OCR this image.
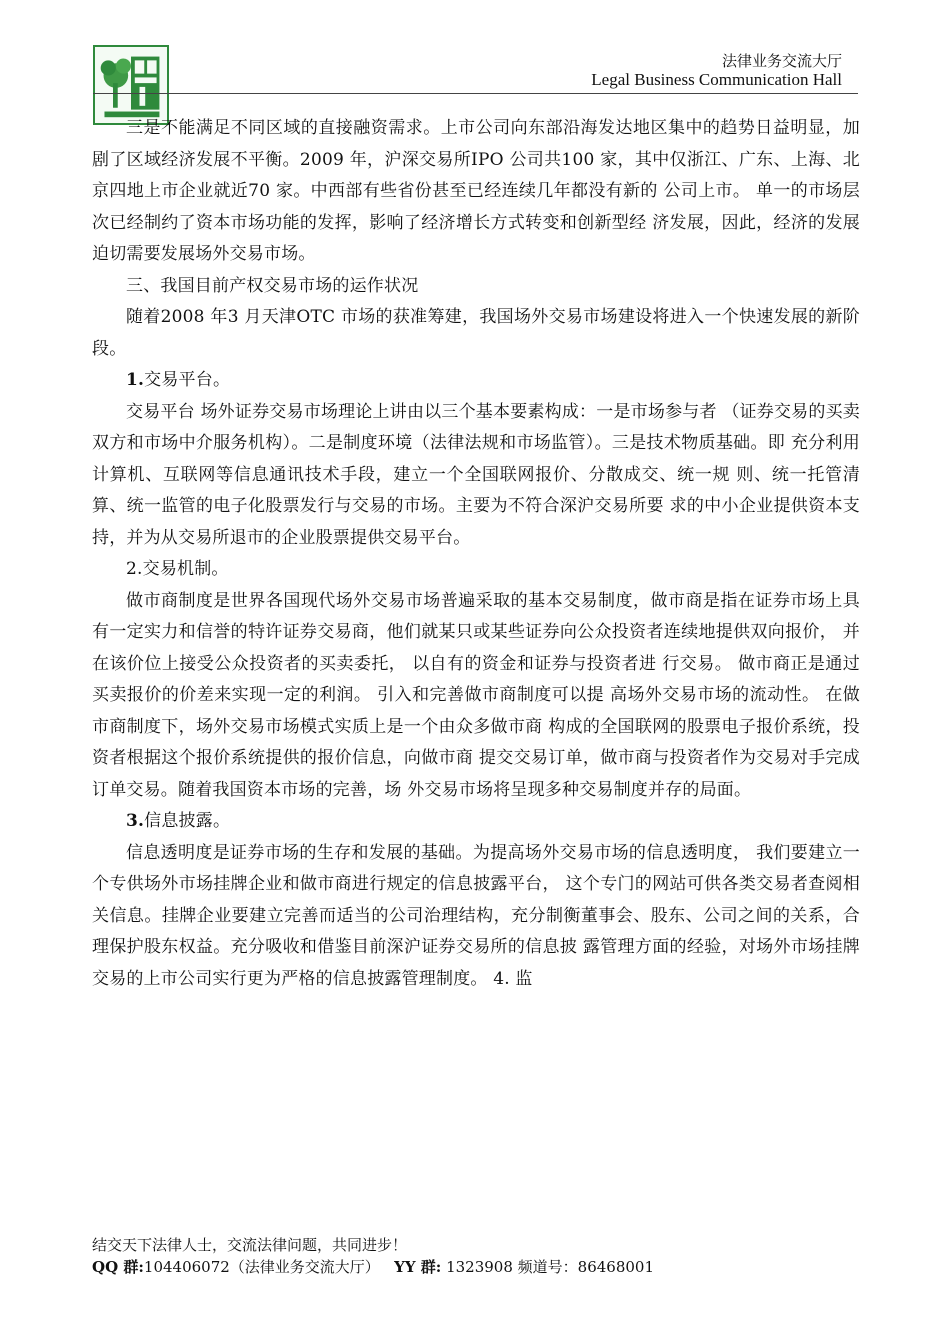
法律业务交流大厅
Legal Business Communication Hall

三是不能满足不同区域的直接融资需求。上市公司向东部沿海发达地区集中的趋势日益明显，加剧了区域经济发展不平衡。2009 年，沪深交易所IPO 公司共100 家，其中仅浙江、广东、上海、北京四地上市企业就近70 家。中西部有些省份甚至已经连续几年都没有新的 公司上市。 单一的市场层次已经制约了资本市场功能的发挥，影响了经济增长方式转变和创新型经 济发展，因此，经济的发展迫切需要发展场外交易市场。

三、我国目前产权交易市场的运作状况

随着2008 年3 月天津OTC 市场的获准筹建，我国场外交易市场建设将进入一个快速发展的新阶段。

1.交易平台。

交易平台 场外证券交易市场理论上讲由以三个基本要素构成：一是市场参与者 （证券交易的买卖双方和市场中介服务机构）。二是制度环境（法律法规和市场监管）。三是技术物质基础。即 充分利用计算机、互联网等信息通讯技术手段，建立一个全国联网报价、分散成交、统一规 则、统一托管清算、统一监管的电子化股票发行与交易的市场。主要为不符合深沪交易所要 求的中小企业提供资本支持，并为从交易所退市的企业股票提供交易平台。

2.交易机制。

做市商制度是世界各国现代场外交易市场普遍采取的基本交易制度，做市商是指在证券市场上具有一定实力和信誉的特许证券交易商，他们就某只或某些证券向公众投资者连续地提供双向报价， 并在该价位上接受公众投资者的买卖委托， 以自有的资金和证券与投资者进 行交易。 做市商正是通过买卖报价的价差来实现一定的利润。 引入和完善做市商制度可以提 高场外交易市场的流动性。 在做市商制度下，场外交易市场模式实质上是一个由众多做市商 构成的全国联网的股票电子报价系统，投资者根据这个报价系统提供的报价信息，向做市商 提交交易订单，做市商与投资者作为交易对手完成订单交易。随着我国资本市场的完善，场 外交易市场将呈现多种交易制度并存的局面。

3.信息披露。

信息透明度是证券市场的生存和发展的基础。为提高场外交易市场的信息透明度， 我们要建立一个专供场外市场挂牌企业和做市商进行规定的信息披露平台， 这个专门的网站可供各类交易者查阅相关信息。挂牌企业要建立完善而适当的公司治理结构，充分制衡董事会、股东、公司之间的关系，合理保护股东权益。充分吸收和借鉴目前深沪证券交易所的信息披 露管理方面的经验，对场外市场挂牌交易的上市公司实行更为严格的信息披露管理制度。 4. 监

结交天下法律人士，交流法律问题，共同进步！
QQ 群:104406072（法律业务交流大厅） YY 群: 1323908 频道号：86468001
